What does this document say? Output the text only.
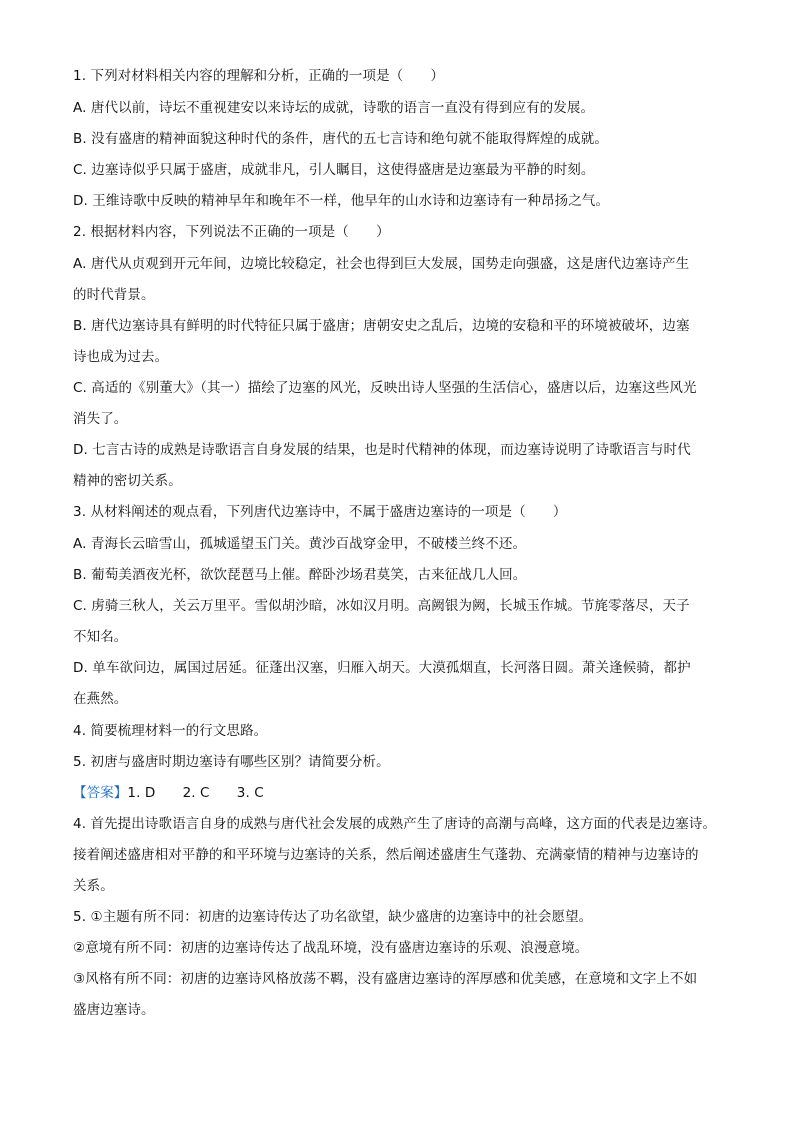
1. 下列对材料相关内容的理解和分析，正确的一项是（　　）
A. 唐代以前，诗坛不重视建安以来诗坛的成就，诗歌的语言一直没有得到应有的发展。
B. 没有盛唐的精神面貌这种时代的条件，唐代的五七言诗和绝句就不能取得辉煌的成就。
C. 边塞诗似乎只属于盛唐，成就非凡，引人瞩目，这使得盛唐是边塞最为平静的时刻。
D. 王维诗歌中反映的精神早年和晚年不一样，他早年的山水诗和边塞诗有一种昂扬之气。
2. 根据材料内容，下列说法不正确的一项是（　　）
A. 唐代从贞观到开元年间，边境比较稳定，社会也得到巨大发展，国势走向强盛，这是唐代边塞诗产生
的时代背景。
B. 唐代边塞诗具有鲜明的时代特征只属于盛唐；唐朝安史之乱后，边境的安稳和平的环境被破坏，边塞
诗也成为过去。
C. 高适的《别董大》（其一）描绘了边塞的风光，反映出诗人坚强的生活信心，盛唐以后，边塞这些风光
消失了。
D. 七言古诗的成熟是诗歌语言自身发展的结果，也是时代精神的体现，而边塞诗说明了诗歌语言与时代
精神的密切关系。
3. 从材料阐述的观点看，下列唐代边塞诗中，不属于盛唐边塞诗的一项是（　　）
A. 青海长云暗雪山，孤城遥望玉门关。黄沙百战穿金甲，不破楼兰终不还。
B. 葡萄美酒夜光杯，欲饮琵琶马上催。醉卧沙场君莫笑，古来征战几人回。
C. 虏骑三秋人，关云万里平。雪似胡沙暗，冰如汉月明。高阙银为阙，长城玉作城。节旄零落尽，天子
不知名。
D. 单车欲问边，属国过居延。征蓬出汉塞，归雁入胡天。大漠孤烟直，长河落日圆。萧关逢候骑，都护
在燕然。
4. 简要梳理材料一的行文思路。
5. 初唐与盛唐时期边塞诗有哪些区别？请简要分析。
【答案】1. D　　2. C　　3. C
4. 首先提出诗歌语言自身的成熟与唐代社会发展的成熟产生了唐诗的高潮与高峰，这方面的代表是边塞诗。
接着阐述盛唐相对平静的和平环境与边塞诗的关系，然后阐述盛唐生气蓬勃、充满豪情的精神与边塞诗的
关系。
5. ①主题有所不同：初唐的边塞诗传达了功名欲望，缺少盛唐的边塞诗中的社会愿望。
②意境有所不同：初唐的边塞诗传达了战乱环境，没有盛唐边塞诗的乐观、浪漫意境。
③风格有所不同：初唐的边塞诗风格放荡不羁，没有盛唐边塞诗的浑厚感和优美感，在意境和文字上不如
盛唐边塞诗。
